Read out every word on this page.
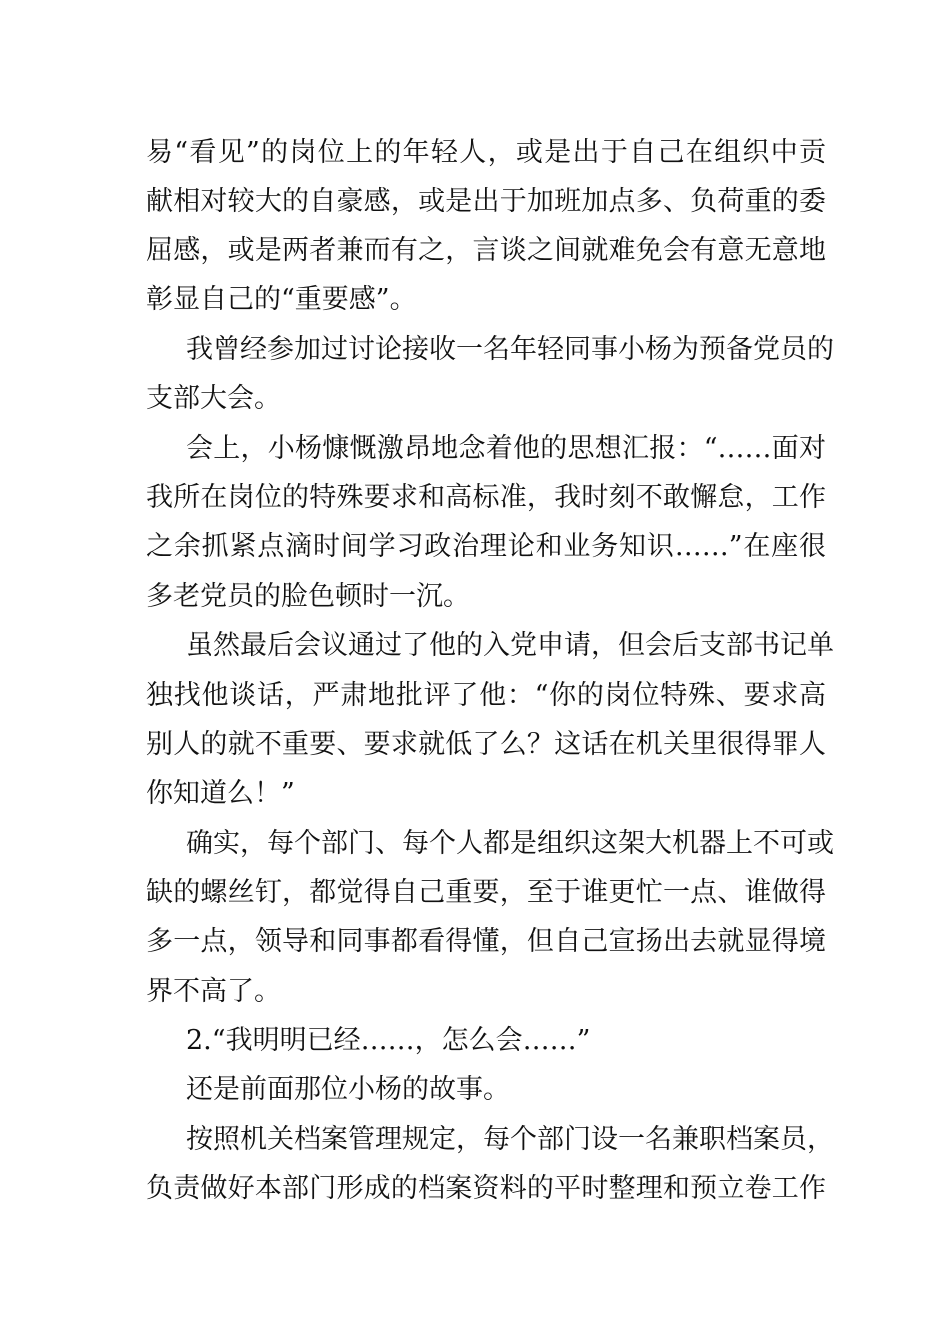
易“看见”的岗位上的年轻人，或是出于自己在组织中贡
献相对较大的自豪感，或是出于加班加点多、负荷重的委
屈感，或是两者兼而有之，言谈之间就难免会有意无意地
彰显自己的“重要感”。
我曾经参加过讨论接收一名年轻同事小杨为预备党员的
支部大会。
会上，小杨慷慨激昂地念着他的思想汇报：“……面对
我所在岗位的特殊要求和高标准，我时刻不敢懈怠，工作
之余抓紧点滴时间学习政治理论和业务知识……”在座很
多老党员的脸色顿时一沉。
虽然最后会议通过了他的入党申请，但会后支部书记单
独找他谈话，严肃地批评了他：“你的岗位特殊、要求高
别人的就不重要、要求就低了么？这话在机关里很得罪人
你知道么！”
确实，每个部门、每个人都是组织这架大机器上不可或
缺的螺丝钉，都觉得自己重要，至于谁更忙一点、谁做得
多一点，领导和同事都看得懂，但自己宣扬出去就显得境
界不高了。
2.“我明明已经……，怎么会……”
还是前面那位小杨的故事。
按照机关档案管理规定，每个部门设一名兼职档案员，
负责做好本部门形成的档案资料的平时整理和预立卷工作
